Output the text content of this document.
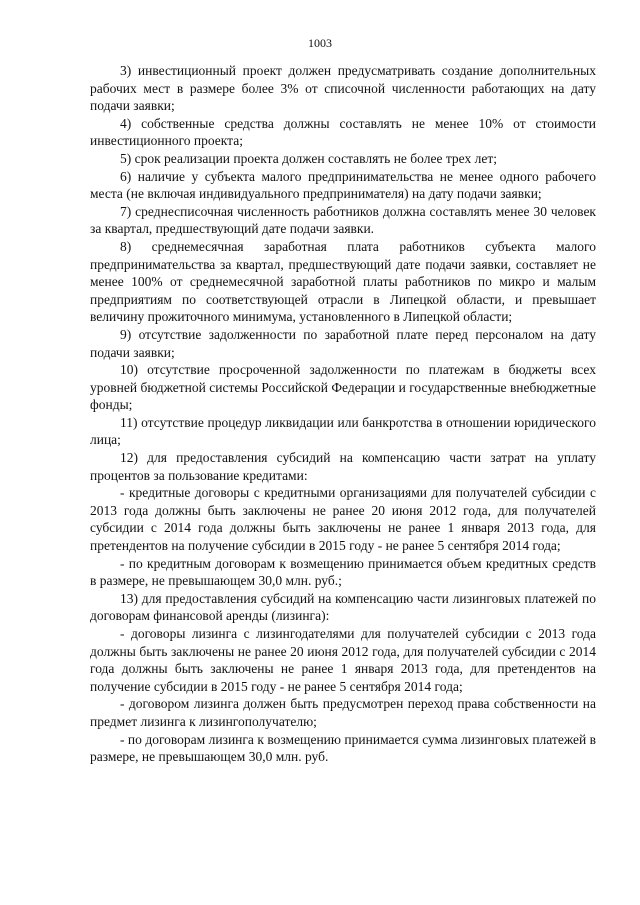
1003

3) инвестиционный проект должен предусматривать создание дополнительных рабочих мест в размере более 3% от списочной численности работающих на дату подачи заявки;

4) собственные средства должны составлять не менее 10% от стоимости инвестиционного проекта;

5) срок реализации проекта должен составлять не более трех лет;

6) наличие у субъекта малого предпринимательства не менее одного рабочего места (не включая индивидуального предпринимателя) на дату подачи заявки;

7) среднесписочная численность работников должна составлять менее 30 человек за квартал, предшествующий дате подачи заявки.

8) среднемесячная заработная плата работников субъекта малого предпринимательства за квартал, предшествующий дате подачи заявки, составляет не менее 100% от среднемесячной заработной платы работников по микро и малым предприятиям по соответствующей отрасли в Липецкой области, и превышает величину прожиточного минимума, установленного в Липецкой области;

9) отсутствие задолженности по заработной плате перед персоналом на дату подачи заявки;

10) отсутствие просроченной задолженности по платежам в бюджеты всех уровней бюджетной системы Российской Федерации и государственные внебюджетные фонды;

11) отсутствие процедур ликвидации или банкротства в отношении юридического лица;

12) для предоставления субсидий на компенсацию части затрат на уплату процентов за пользование кредитами:

- кредитные договоры с кредитными организациями для получателей субсидии с 2013 года должны быть заключены не ранее 20 июня 2012 года, для получателей субсидии с 2014 года должны быть заключены не ранее 1 января 2013 года, для претендентов на получение субсидии в 2015 году - не ранее 5 сентября 2014 года;

- по кредитным договорам к возмещению принимается объем кредитных средств в размере, не превышающем 30,0 млн. руб.;

13) для предоставления субсидий на компенсацию части лизинговых платежей по договорам финансовой аренды (лизинга):

- договоры лизинга с лизингодателями для получателей субсидии с 2013 года должны быть заключены не ранее 20 июня 2012 года, для получателей субсидии с 2014 года должны быть заключены не ранее 1 января 2013 года, для претендентов на получение субсидии в 2015 году - не ранее 5 сентября 2014 года;

- договором лизинга должен быть предусмотрен переход права собственности на предмет лизинга к лизингополучателю;

- по договорам лизинга к возмещению принимается сумма лизинговых платежей в размере, не превышающем 30,0 млн. руб.
